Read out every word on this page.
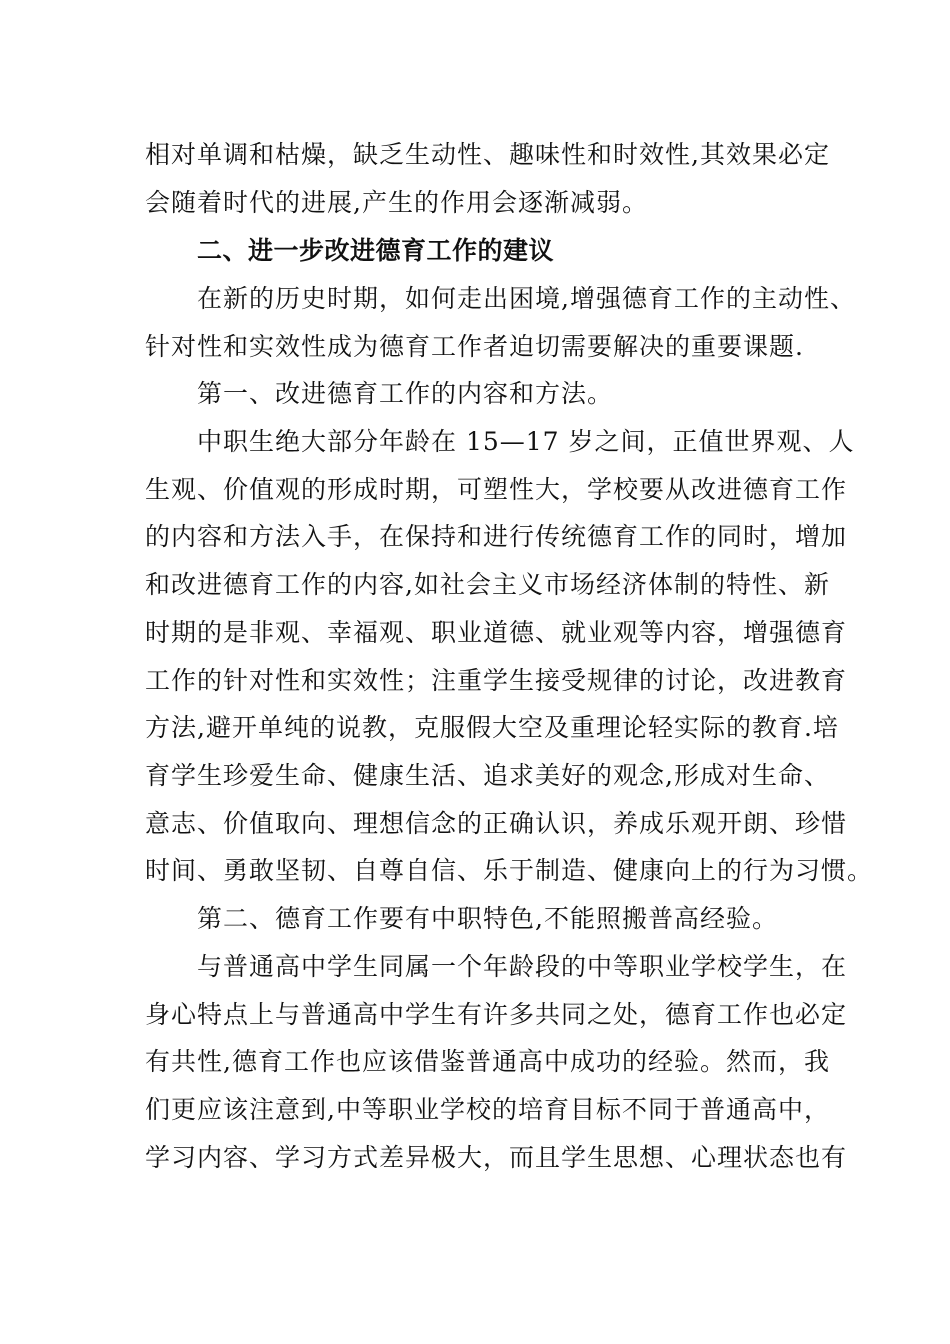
相对单调和枯燥，缺乏生动性、趣味性和时效性,其效果必定
会随着时代的进展,产生的作用会逐渐减弱。
二、进一步改进德育工作的建议
在新的历史时期，如何走出困境,增强德育工作的主动性、
针对性和实效性成为德育工作者迫切需要解决的重要课题.
第一、改进德育工作的内容和方法。
中职生绝大部分年龄在 15—17 岁之间，正值世界观、人
生观、价值观的形成时期，可塑性大，学校要从改进德育工作
的内容和方法入手，在保持和进行传统德育工作的同时，增加
和改进德育工作的内容,如社会主义市场经济体制的特性、新
时期的是非观、幸福观、职业道德、就业观等内容，增强德育
工作的针对性和实效性；注重学生接受规律的讨论，改进教育
方法,避开单纯的说教，克服假大空及重理论轻实际的教育.培
育学生珍爱生命、健康生活、追求美好的观念,形成对生命、
意志、价值取向、理想信念的正确认识，养成乐观开朗、珍惜
时间、勇敢坚韧、自尊自信、乐于制造、健康向上的行为习惯。
第二、德育工作要有中职特色,不能照搬普高经验。
与普通高中学生同属一个年龄段的中等职业学校学生，在
身心特点上与普通高中学生有许多共同之处，德育工作也必定
有共性,德育工作也应该借鉴普通高中成功的经验。然而，我
们更应该注意到,中等职业学校的培育目标不同于普通高中，
学习内容、学习方式差异极大，而且学生思想、心理状态也有
